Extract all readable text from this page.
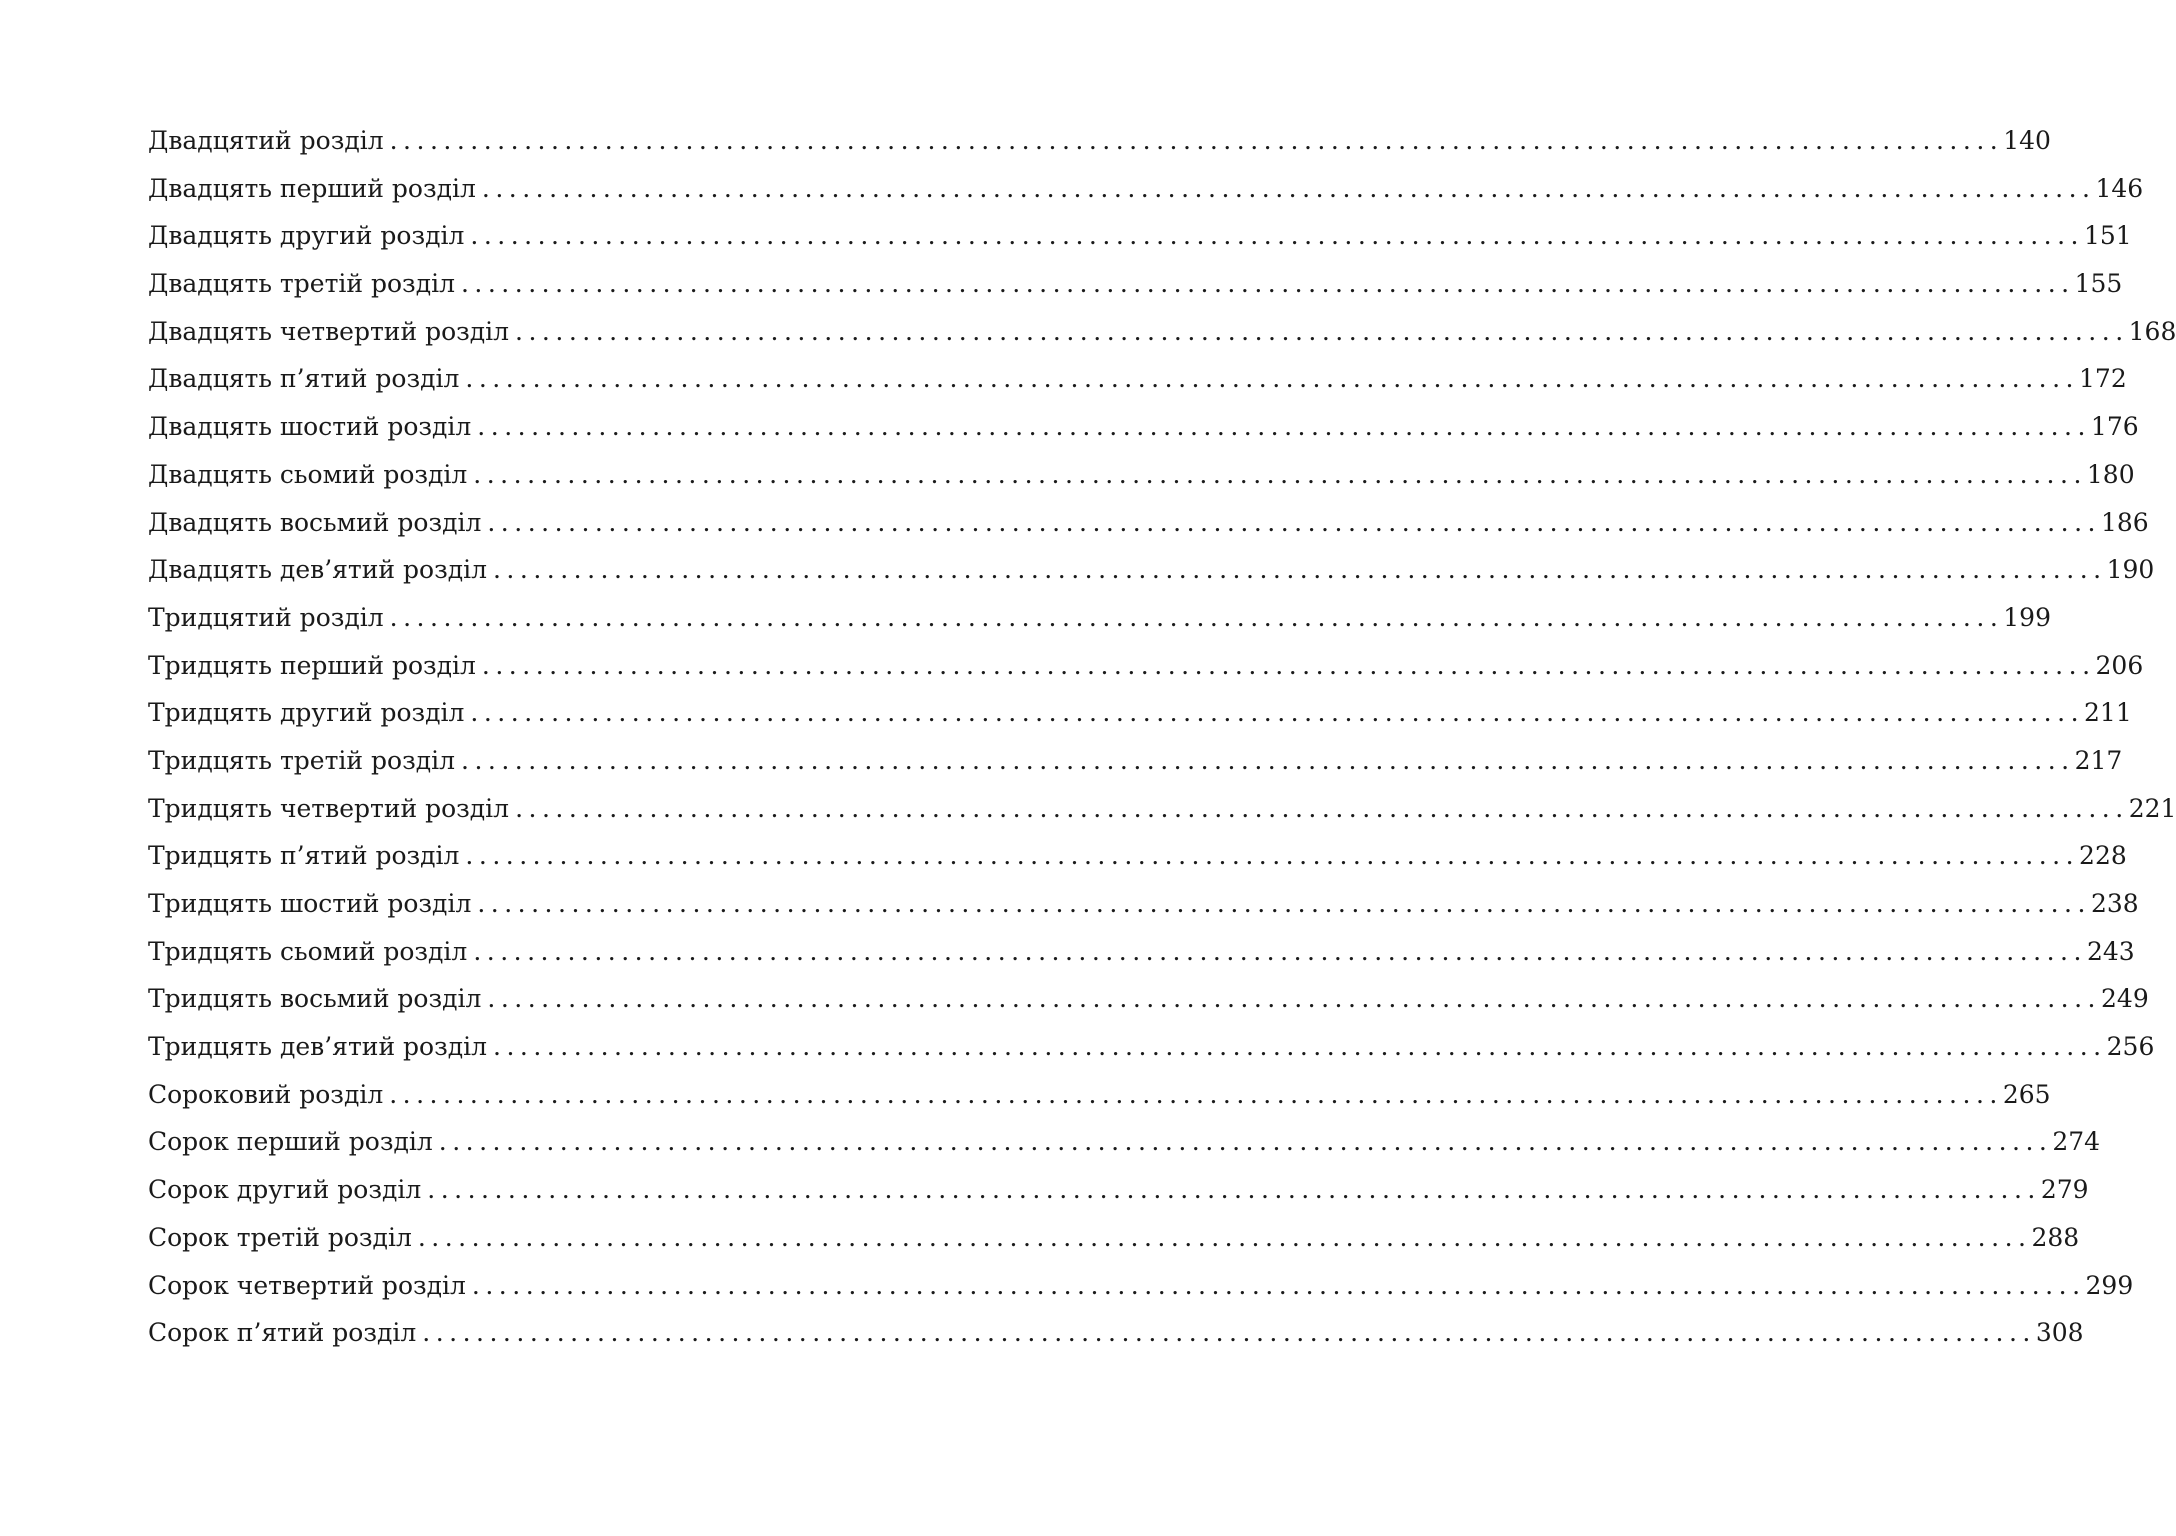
Двадцятий розділ ........................................................................................................................ 140
Двадцять перший розділ ........................................................................................................................ 146
Двадцять другий розділ ........................................................................................................................ 151
Двадцять третій розділ ........................................................................................................................ 155
Двадцять четвертий розділ ........................................................................................................................ 168
Двадцять п’ятий розділ ........................................................................................................................ 172
Двадцять шостий розділ ........................................................................................................................ 176
Двадцять сьомий розділ ........................................................................................................................ 180
Двадцять восьмий розділ ........................................................................................................................ 186
Двадцять дев’ятий розділ ........................................................................................................................ 190
Тридцятий розділ ........................................................................................................................ 199
Тридцять перший розділ ........................................................................................................................ 206
Тридцять другий розділ ........................................................................................................................ 211
Тридцять третій розділ ........................................................................................................................ 217
Тридцять четвертий розділ ........................................................................................................................ 221
Тридцять п’ятий розділ ........................................................................................................................ 228
Тридцять шостий розділ ........................................................................................................................ 238
Тридцять сьомий розділ ........................................................................................................................ 243
Тридцять восьмий розділ ........................................................................................................................ 249
Тридцять дев’ятий розділ ........................................................................................................................ 256
Сороковий розділ ........................................................................................................................ 265
Сорок перший розділ ........................................................................................................................ 274
Сорок другий розділ ........................................................................................................................ 279
Сорок третій розділ ........................................................................................................................ 288
Сорок четвертий розділ ........................................................................................................................ 299
Сорок п’ятий розділ ........................................................................................................................ 308
